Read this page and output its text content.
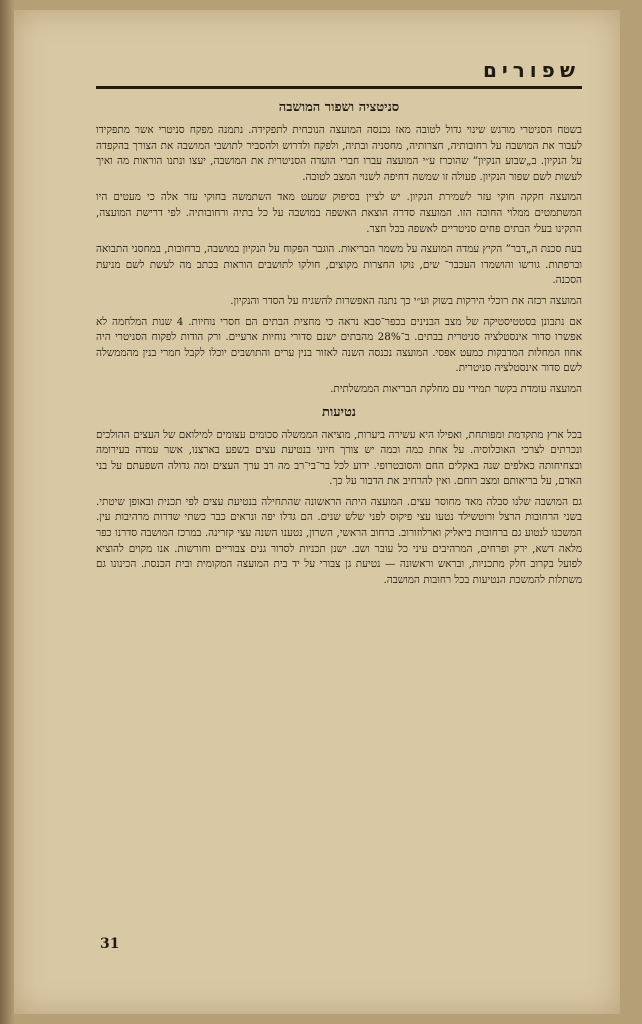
שפורים
סניטציה ושפור המושבה

בשטח הסניטרי מורגש שינוי גדול לטובה מאז נכנסה המועצה הנוכחית לתפקידה. נתמנה מפקח סניטרי אשר מתפקידו לעבור את המושבה על רחובותיה, חצרותיה, מחסניה ובתיה, ולפקח ולדרוש ולהסביר לתושבי המושבה את הצורך בהקפדה על הנקיון. ב„שבוע הנקיון” שהוכרז ע״י המועצה עברו חברי הועדה הסניטרית את המושבה, יעצו ונתנו הוראות מה ואיך לעשות לשם שפור הנקיון. פעולה זו שמשה דחיפה לשנוי המצב לטובה.

המועצה חקקה חוקי עזר לשמירת הנקיון. יש לציין בסיפוק שמעט מאד השתמשה בחוקי עזר אלה כי מעטים היו המשתמטים ממלוי החובה הזו. המועצה סדרה הוצאת האשפה במושבה על כל בתיה ורחובותיה. לפי דרישת המועצה, התקינו בעלי הבתים פחים סניטריים לאשפה בכל חצר.

בעת סכנת ה„דבר” הקיץ עמדה המועצה על משמר הבריאות. הוגבר הפקוח על הנקיון במושבה, ברחובות, במחסני התבואה וברפתות. גורשו והושמדו העכבר־ שים, נוקו החצרות מקוצים, חולקו לתושבים הוראות בכתב מה לעשת לשם מניעת הסכנה.

המועצה רכזה את רוכלי הירקות בשוק וע״י כך נתנה האפשרות להשגיח על הסדר והנקיון.

אם נתבונן בסטטיסטיקה של מצב הבנינים בכפר־סבא נראה כי מחצית הבתים הם חסרי נוחיות. 4 שנות המלחמה לא אפשרו סדור אינסטלציה סניטרית בבתים. ב־28% מהבתים ישנם סדורי נוחיות ארעיים. ורק הודות לפקוח הסניטרי היה אחוז המחלות המדבקות כמעט אפסי. המועצה נכנסה השנה לאזור בנין ערים והתושבים יוכלו לקבל חמרי בנין מהממשלה לשם סדור אינסטלציה סניטרית.

המועצה עומדת בקשר תמידי עם מחלקת הבריאות הממשלתית.

נטיעות

בכל ארץ מתקדמת ומפותחת, ואפילו היא עשירה ביערות, מוציאה הממשלה סכומים עצומים למילואם של העצים ההולכים ונכרתים לצרכי האוכלוסיה. על אחת כמה וכמה יש צורך חיוני בנטיעת עצים בשפע בארצנו, אשר עמדה בעירומה ובצחיחותה כאלפים שנה באקלים החם והסובטרופי. ידוע לכל בר־בי־רב מה רב ערך העצים ומה גדולה השפעתם על בני האדם, על בריאותם ומצב רוחם. ואין להרחיב את הדבור על כך.

גם המושבה שלנו סבלה מאד מחוסר עצים. המועצה היתה הראשונה שהתחילה בנטיעת עצים לפי תכנית ובאופן שיטתי. בשני הרחובות הרצל ורוטשילד נטעו עצי פיקוס לפני שלש שנים. הם גדלו יפה ונראים כבר כשתי שדרות מרהיבות עין. המשכנו לנטוע גם ברחובות ביאליק וארלוזורוב. ברחוב הראשי, השרון, נטענו השנה עצי קזרינה. במרכז המושבה סדרנו כפר מלאה דשא, ירק ופרחים, המרהיבים עיני כל עובר ושב. ישנן תכניות לסדור גנים צבוריים וחורשות. אנו מקוים להוציא לפועל בקרוב חלק מתכניות, ובראש וראשונה — נטיעת גן צבורי על יד בית המועצה המקומית ובית הכנסת. הכינונו גם משתלות להמשכת הנטיעות בכל רחובות המושבה.

31
